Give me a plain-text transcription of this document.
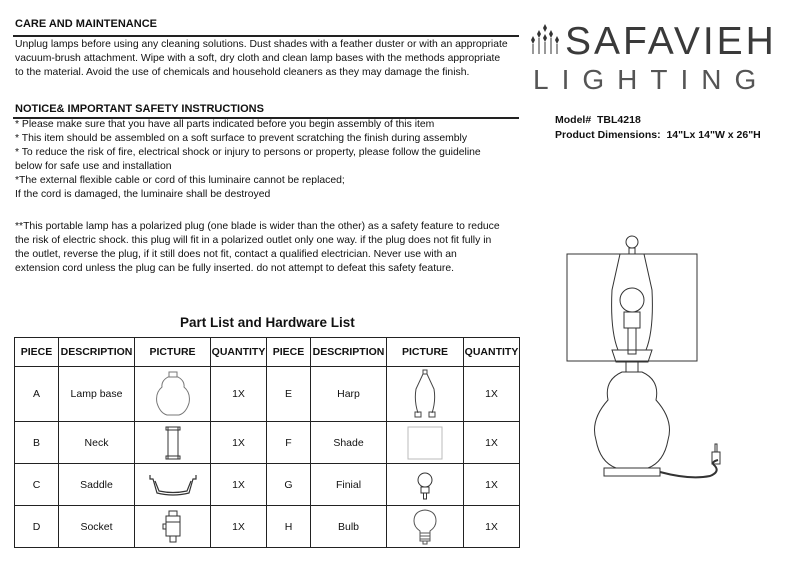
CARE AND MAINTENANCE
Unplug lamps before using any cleaning solutions. Dust shades with a feather duster or with an appropriate
vacuum-brush attachment. Wipe with a soft, dry cloth and clean lamp bases with the methods appropriate
to the material. Avoid the use of chemicals and household cleaners as they may damage the finish.
NOTICE& IMPORTANT SAFETY INSTRUCTIONS
* Please make sure that you have all parts indicated before you begin assembly of this item
* This item should be assembled on a soft surface to prevent scratching the finish during assembly
* To reduce the risk of fire, electrical shock or injury to persons or property, please follow the guideline
below for safe use and installation
*The external flexible cable or cord of this luminaire cannot be replaced;
If the cord is damaged, the luminaire shall be destroyed
**This portable lamp has a polarized plug (one blade is wider than the other) as a safety feature to reduce
the risk of electric shock. this plug will fit in a polarized outlet only one way. if the plug does not fit fully in
the outlet, reverse the plug, if it still does not fit, contact a qualified electrician. Never use with an
extension cord unless the plug can be fully inserted. do not attempt to defeat this safety feature.
SAFAVIEH
LIGHTING
Model# TBL4218
Product Dimensions: 14"Lx 14"W x 26"H
Part List and Hardware List
PIECE	DESCRIPTION	PICTURE	QUANTITY	PIECE	DESCRIPTION	PICTURE	QUANTITY
A	Lamp base		1X	E	Harp		1X
B	Neck		1X	F	Shade		1X
C	Saddle		1X	G	Finial		1X
D	Socket		1X	H	Bulb		1X
